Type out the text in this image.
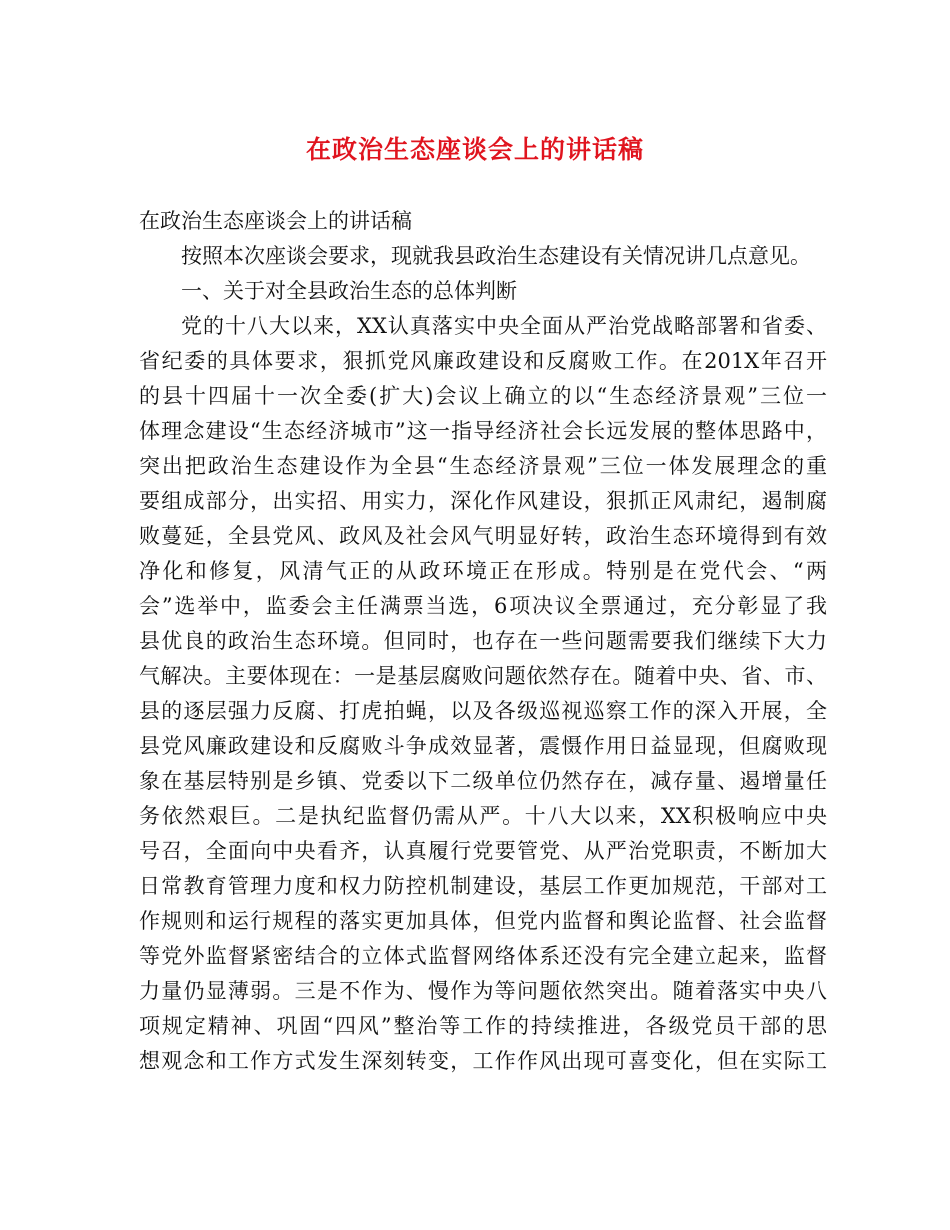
在政治生态座谈会上的讲话稿
在政治生态座谈会上的讲话稿
按照本次座谈会要求，现就我县政治生态建设有关情况讲几点意见。
一、关于对全县政治生态的总体判断
党的十八大以来，XX认真落实中央全面从严治党战略部署和省委、
省纪委的具体要求，狠抓党风廉政建设和反腐败工作。在201X年召开
的县十四届十一次全委(扩大)会议上确立的以“生态经济景观”三位一
体理念建设“生态经济城市”这一指导经济社会长远发展的整体思路中，
突出把政治生态建设作为全县“生态经济景观”三位一体发展理念的重
要组成部分，出实招、用实力，深化作风建设，狠抓正风肃纪，遏制腐
败蔓延，全县党风、政风及社会风气明显好转，政治生态环境得到有效
净化和修复，风清气正的从政环境正在形成。特别是在党代会、“两
会”选举中，监委会主任满票当选，6项决议全票通过，充分彰显了我
县优良的政治生态环境。但同时，也存在一些问题需要我们继续下大力
气解决。主要体现在：一是基层腐败问题依然存在。随着中央、省、市、
县的逐层强力反腐、打虎拍蝇，以及各级巡视巡察工作的深入开展，全
县党风廉政建设和反腐败斗争成效显著，震慑作用日益显现，但腐败现
象在基层特别是乡镇、党委以下二级单位仍然存在，减存量、遏增量任
务依然艰巨。二是执纪监督仍需从严。十八大以来，XX积极响应中央
号召，全面向中央看齐，认真履行党要管党、从严治党职责，不断加大
日常教育管理力度和权力防控机制建设，基层工作更加规范，干部对工
作规则和运行规程的落实更加具体，但党内监督和舆论监督、社会监督
等党外监督紧密结合的立体式监督网络体系还没有完全建立起来，监督
力量仍显薄弱。三是不作为、慢作为等问题依然突出。随着落实中央八
项规定精神、巩固“四风”整治等工作的持续推进，各级党员干部的思
想观念和工作方式发生深刻转变，工作作风出现可喜变化，但在实际工
